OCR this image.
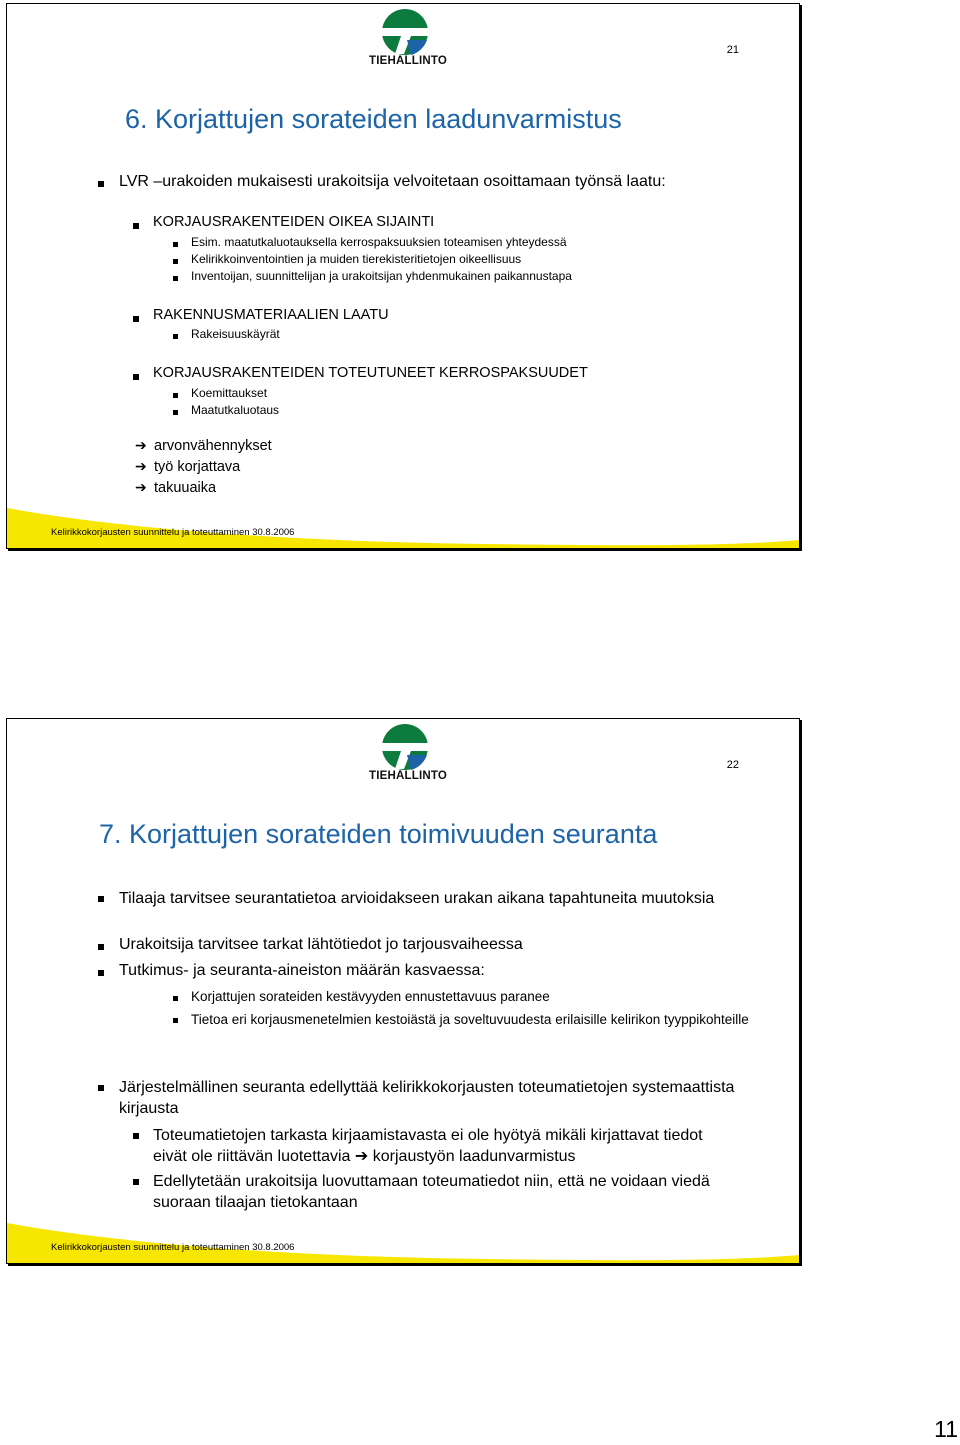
TIEHALLINTO
21
6. Korjattujen sorateiden laadunvarmistus
LVR –urakoiden mukaisesti urakoitsija velvoitetaan osoittamaan työnsä laatu:
KORJAUSRAKENTEIDEN OIKEA SIJAINTI
Esim. maatutkaluotauksella kerrospaksuuksien toteamisen yhteydessä
Kelirikkoinventointien ja muiden tierekisteritietojen oikeellisuus
Inventoijan, suunnittelijan ja urakoitsijan yhdenmukainen paikannustapa
RAKENNUSMATERIAALIEN LAATU
Rakeisuuskäyrät
KORJAUSRAKENTEIDEN TOTEUTUNEET KERROSPAKSUUDET
Koemittaukset
Maatutkaluotaus
➔ arvonvähennykset
➔ työ korjattava
➔ takuuaika
Kelirikkokorjausten suunnittelu ja toteuttaminen 30.8.2006
TIEHALLINTO
22
7. Korjattujen sorateiden toimivuuden seuranta
Tilaaja tarvitsee seurantatietoa arvioidakseen urakan aikana tapahtuneita muutoksia
Urakoitsija tarvitsee tarkat lähtötiedot jo tarjousvaiheessa
Tutkimus- ja seuranta-aineiston määrän kasvaessa:
Korjattujen sorateiden kestävyyden ennustettavuus paranee
Tietoa eri korjausmenetelmien kestoiästä ja soveltuvuudesta erilaisille kelirikon tyyppikohteille
Järjestelmällinen seuranta edellyttää kelirikkokorjausten toteumatietojen systemaattista kirjausta
Toteumatietojen tarkasta kirjaamistavasta ei ole hyötyä mikäli kirjattavat tiedot eivät ole riittävän luotettavia ➔ korjaustyön laadunvarmistus
Edellytetään urakoitsija luovuttamaan toteumatiedot niin, että ne voidaan viedä suoraan tilaajan tietokantaan
Kelirikkokorjausten suunnittelu ja toteuttaminen 30.8.2006
11
